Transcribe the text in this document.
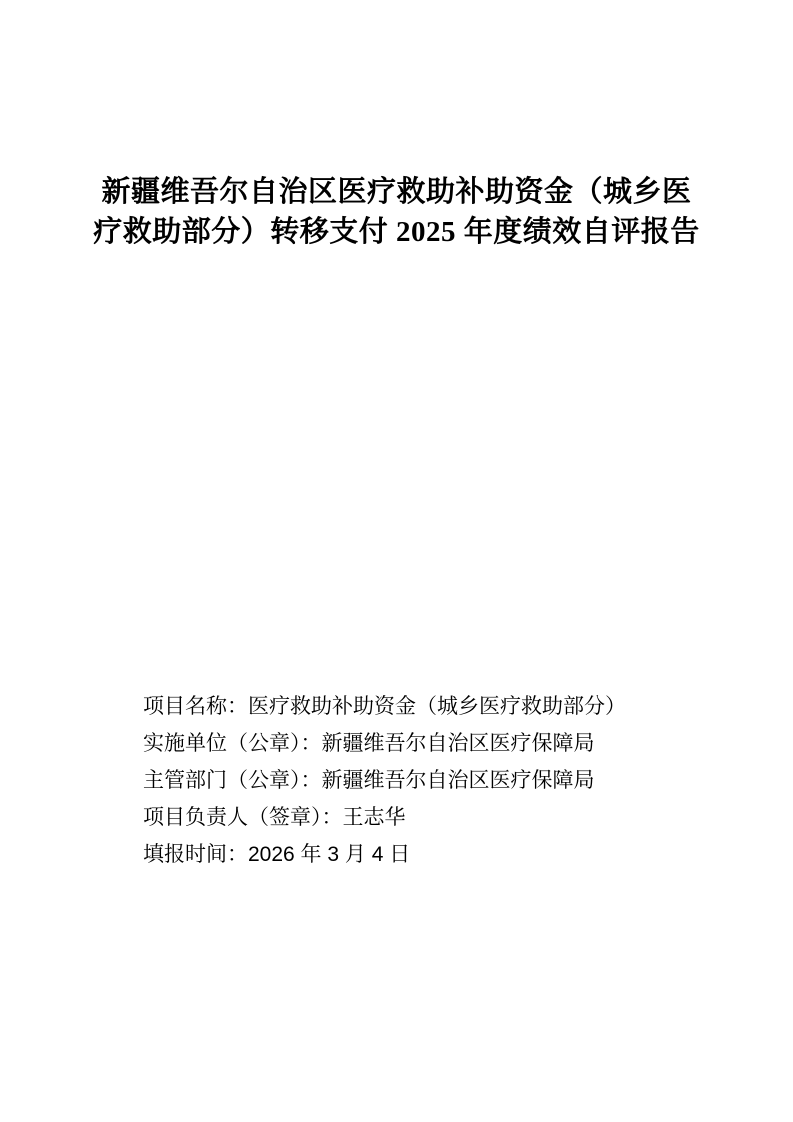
新疆维吾尔自治区医疗救助补助资金（城乡医
疗救助部分）转移支付 2025 年度绩效自评报告
项目名称：医疗救助补助资金（城乡医疗救助部分）
实施单位（公章）：新疆维吾尔自治区医疗保障局
主管部门（公章）：新疆维吾尔自治区医疗保障局
项目负责人（签章）：王志华
填报时间：2026 年 3 月 4 日
